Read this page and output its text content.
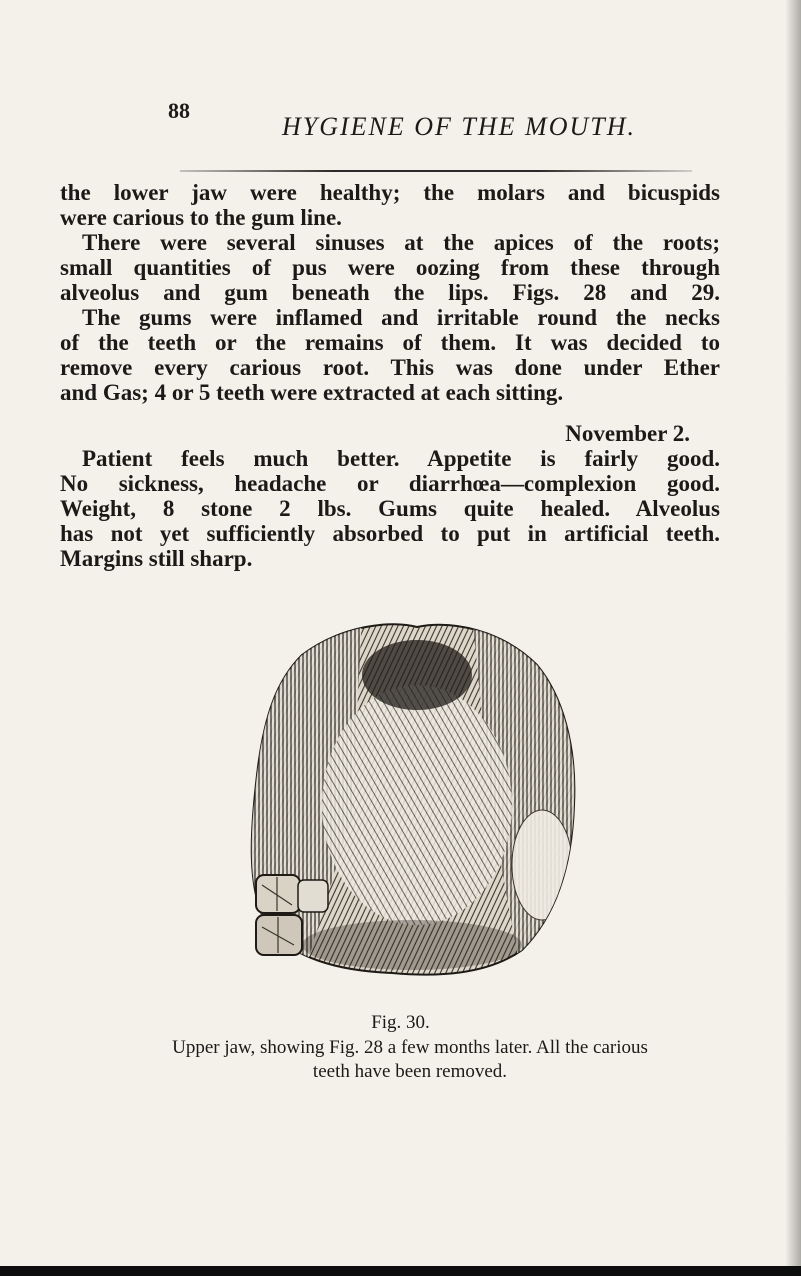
88
HYGIENE OF THE MOUTH.
the lower jaw were healthy; the molars and bicuspids
were carious to the gum line.
There were several sinuses at the apices of the roots;
small quantities of pus were oozing from these through
alveolus and gum beneath the lips. Figs. 28 and 29.
The gums were inflamed and irritable round the necks
of the teeth or the remains of them. It was decided to
remove every carious root. This was done under Ether
and Gas; 4 or 5 teeth were extracted at each sitting.
November 2.
Patient feels much better. Appetite is fairly good.
No sickness, headache or diarrhœa—complexion good.
Weight, 8 stone 2 lbs. Gums quite healed. Alveolus
has not yet sufficiently absorbed to put in artificial teeth.
Margins still sharp.
Fig. 30.
Upper jaw, showing Fig. 28 a few months later. All the carious
teeth have been removed.
